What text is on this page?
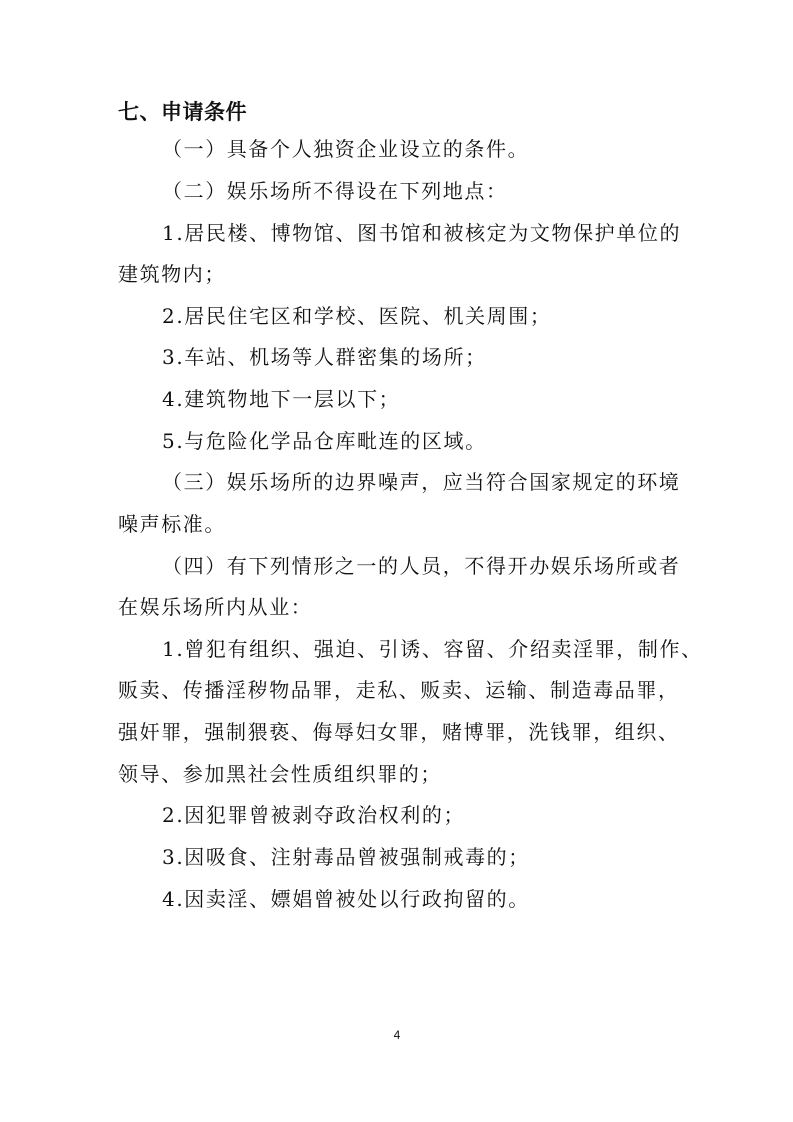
七、申请条件
（一）具备个人独资企业设立的条件。
（二）娱乐场所不得设在下列地点：
1.居民楼、博物馆、图书馆和被核定为文物保护单位的
建筑物内；
2.居民住宅区和学校、医院、机关周围；
3.车站、机场等人群密集的场所；
4.建筑物地下一层以下；
5.与危险化学品仓库毗连的区域。
（三）娱乐场所的边界噪声，应当符合国家规定的环境
噪声标准。
（四）有下列情形之一的人员，不得开办娱乐场所或者
在娱乐场所内从业：
1.曾犯有组织、强迫、引诱、容留、介绍卖淫罪，制作、
贩卖、传播淫秽物品罪，走私、贩卖、运输、制造毒品罪，
强奸罪，强制猥亵、侮辱妇女罪，赌博罪，洗钱罪，组织、
领导、参加黑社会性质组织罪的；
2.因犯罪曾被剥夺政治权利的；
3.因吸食、注射毒品曾被强制戒毒的；
4.因卖淫、嫖娼曾被处以行政拘留的。
4
